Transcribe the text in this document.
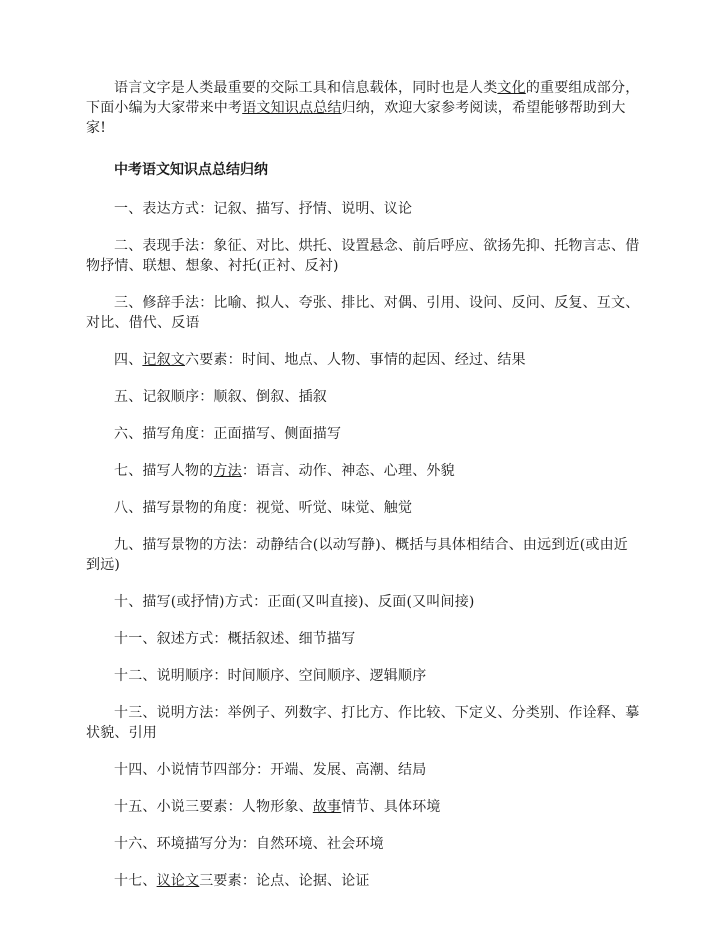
语言文字是人类最重要的交际工具和信息载体，同时也是人类文化的重要组成部分，下面小编为大家带来中考语文知识点总结归纳，欢迎大家参考阅读，希望能够帮助到大家!

中考语文知识点总结归纳

一、表达方式：记叙、描写、抒情、说明、议论

二、表现手法：象征、对比、烘托、设置悬念、前后呼应、欲扬先抑、托物言志、借物抒情、联想、想象、衬托(正衬、反衬)

三、修辞手法：比喻、拟人、夸张、排比、对偶、引用、设问、反问、反复、互文、对比、借代、反语

四、记叙文六要素：时间、地点、人物、事情的起因、经过、结果

五、记叙顺序：顺叙、倒叙、插叙

六、描写角度：正面描写、侧面描写

七、描写人物的方法：语言、动作、神态、心理、外貌

八、描写景物的角度：视觉、听觉、味觉、触觉

九、描写景物的方法：动静结合(以动写静)、概括与具体相结合、由远到近(或由近到远)

十、描写(或抒情)方式：正面(又叫直接)、反面(又叫间接)

十一、叙述方式：概括叙述、细节描写

十二、说明顺序：时间顺序、空间顺序、逻辑顺序

十三、说明方法：举例子、列数字、打比方、作比较、下定义、分类别、作诠释、摹状貌、引用

十四、小说情节四部分：开端、发展、高潮、结局

十五、小说三要素：人物形象、故事情节、具体环境

十六、环境描写分为：自然环境、社会环境

十七、议论文三要素：论点、论据、论证
